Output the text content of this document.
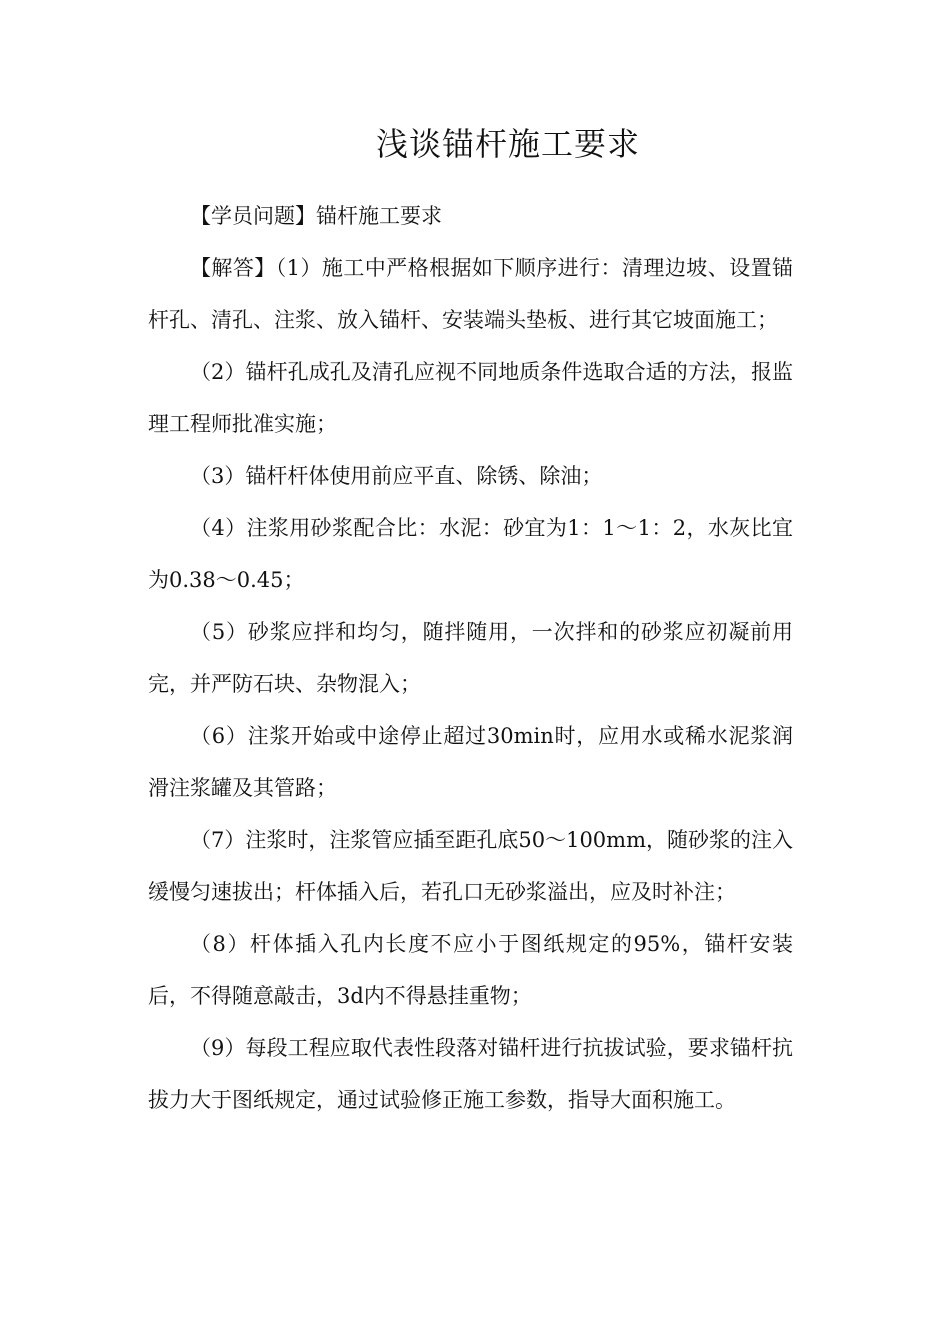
浅谈锚杆施工要求

【学员问题】锚杆施工要求

【解答】（1）施工中严格根据如下顺序进行：清理边坡、设置锚杆孔、清孔、注浆、放入锚杆、安装端头垫板、进行其它坡面施工；

（2）锚杆孔成孔及清孔应视不同地质条件选取合适的方法，报监理工程师批准实施；

（3）锚杆杆体使用前应平直、除锈、除油；

（4）注浆用砂浆配合比：水泥：砂宜为1：1～1：2，水灰比宜为0.38～0.45；

（5）砂浆应拌和均匀，随拌随用，一次拌和的砂浆应初凝前用完，并严防石块、杂物混入；

（6）注浆开始或中途停止超过30min时，应用水或稀水泥浆润滑注浆罐及其管路；

（7）注浆时，注浆管应插至距孔底50～100mm，随砂浆的注入缓慢匀速拔出；杆体插入后，若孔口无砂浆溢出，应及时补注；

（8）杆体插入孔内长度不应小于图纸规定的95%，锚杆安装后，不得随意敲击，3d内不得悬挂重物；

（9）每段工程应取代表性段落对锚杆进行抗拔试验，要求锚杆抗拔力大于图纸规定，通过试验修正施工参数，指导大面积施工。
